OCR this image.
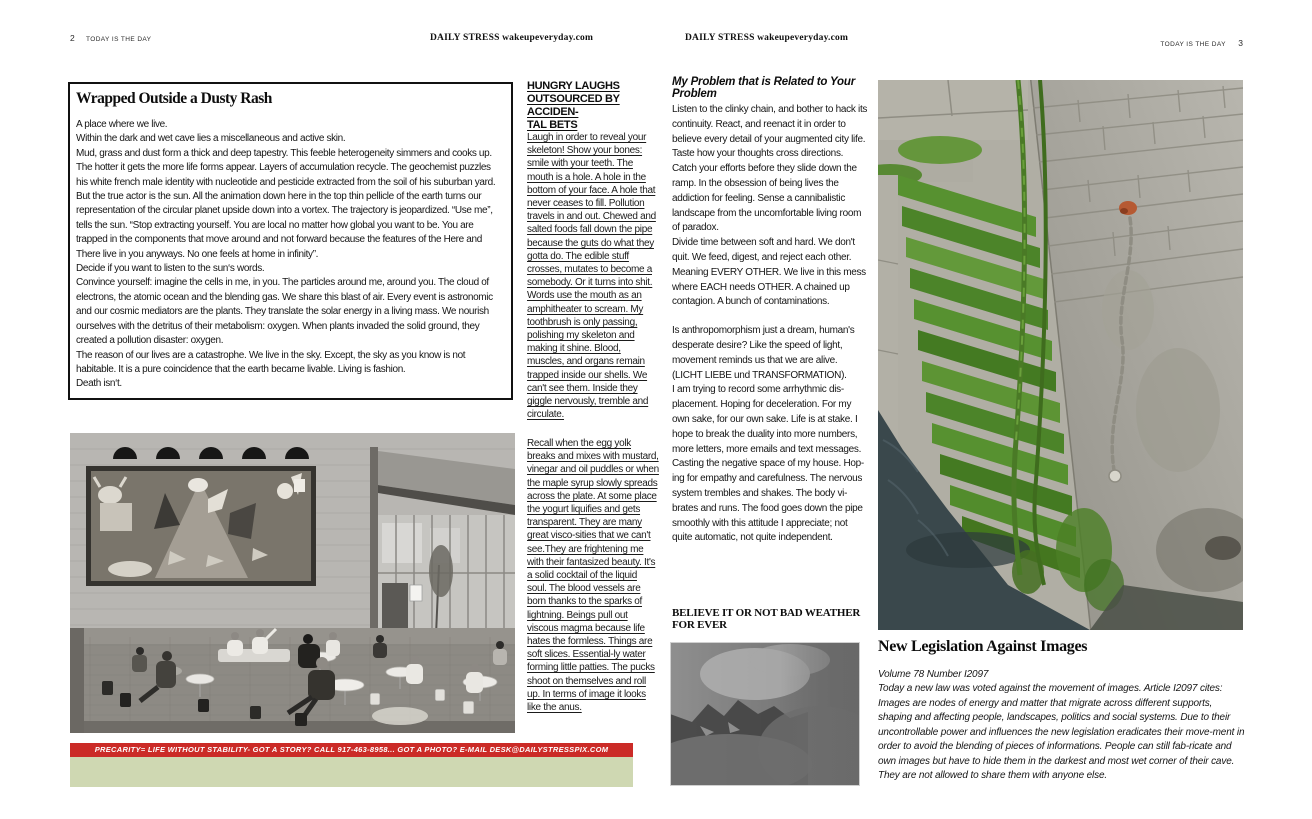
2 TODAY IS THE DAY	DAILY STRESS wakeupeveryday.com	DAILY STRESS wakeupeveryday.com
TODAY IS THE DAY 3
Wrapped Outside a Dusty Rash

A place where we live.

Within the dark and wet cave lies a miscellaneous and active skin.

Mud, grass and dust form a thick and deep tapestry. This feeble heterogeneity simmers and cooks up. The hotter it gets the more life forms appear. Layers of accumulation recycle. The geochemist puzzles his white french male identity with nucleotide and pesticide extracted from the soil of his suburban yard. But the true actor is the sun. All the animation down here in the top thin pellicle of the earth turns our representation of the circular planet upside down into a vortex. The trajectory is jeopardized. “Use me”, tells the sun. “Stop extracting yourself. You are local no matter how global you want to be. You are trapped in the components that move around and not forward because the features of the Here and There live in you anyways. No one feels at home in infinity”.

Decide if you want to listen to the sun‘s words.

Convince yourself: imagine the cells in me, in you. The particles around me, around you. The cloud of electrons, the atomic ocean and the blending gas. We share this blast of air. Every event is astronomic and our cosmic mediators are the plants. They translate the solar energy in a living mass. We nourish ourselves with the detritus of their metabolism: oxygen. When plants invaded the solid ground, they created a pollution disaster: oxygen.

The reason of our lives are a catastrophe. We live in the sky. Except, the sky as you know is not habitable. It is a pure coincidence that the earth became livable. Living is fashion.

Death isn‘t.

HUNGRY LAUGHS
OUTSOURCED BY ACCIDEN-
TAL BETS
Laugh in order to reveal your skeleton! Show your bones: smile with your teeth. The mouth is a hole. A hole in the bottom of your face. A hole that never ceases to fill. Pollution travels in and out. Chewed and salted foods fall down the pipe because the guts do what they gotta do. The edible stuff crosses, mutates to become a somebody. Or it turns into shit. Words use the mouth as an amphitheater to scream. My toothbrush is only passing, polishing my skeleton and making it shine. Blood, muscles, and organs remain trapped inside our shells. We can't see them. Inside they giggle nervously, tremble and circulate.
Recall when the egg yolk breaks and mixes with mustard, vinegar and oil puddles or when the maple syrup slowly spreads across the plate. At some place the yogurt liquifies and gets transparent. They are many great visco-sities that we can't see.They are frightening me with their fantasized beauty. It's a solid cocktail of the liquid soul. The blood vessels are born thanks to the sparks of lightning. Beings pull out viscous magma because life hates the formless. Things are soft slices. Essential-ly water forming little patties. The pucks shoot on themselves and roll up. In terms of image it looks like the anus.
PRECARITY= LIFE WITHOUT STABILITY- GOT A STORY? CALL 917-463-8958... GOT A PHOTO? E-MAIL DESK@DAILYSTRESSPIX.COM
My Problem that is Related to Your Problem

Listen to the clinky chain, and bother to hack its continuity. React, and reenact it in order to believe every detail of your augmented city life. Taste how your thoughts cross directions. Catch your efforts before they slide down the ramp. In the obsession of being lives the addiction for feeling. Sense a cannibalistic landscape from the uncomfortable living room of paradox.

Divide time between soft and hard. We don't quit. We feed, digest, and reject each other. Meaning EVERY OTHER. We live in this mess where EACH needs OTHER. A chained up contagion. A bunch of contaminations.

Is anthropomorphism just a dream, human's desperate desire? Like the speed of light, movement reminds us that we are alive. (LICHT LIEBE und TRANSFORMATION).

I am trying to record some arrhythmic dis-placement. Hoping for deceleration. For my own sake, for our own sake. Life is at stake. I hope to break the duality into more numbers, more letters, more emails and text messages. Casting the negative space of my house. Hop-ing for empathy and carefulness. The nervous system trembles and shakes. The body vi-brates and runs. The food goes down the pipe smoothly with this attitude I appreciate; not quite automatic, not quite independent.

BELIEVE IT OR NOT BAD WEATHER FOR EVER
New Legislation Against Images
Volume 78 Number I2097
Today a new law was voted against the movement of images. Article I2097 cites: Images are nodes of energy and matter that migrate across different supports, shaping and affecting people, landscapes, politics and social systems. Due to their uncontrollable power and influences the new legislation eradicates their move-ment in order to avoid the blending of pieces of informations. People can still fab-ricate and own images but have to hide them in the darkest and most wet corner of their cave. They are not allowed to share them with anyone else.
